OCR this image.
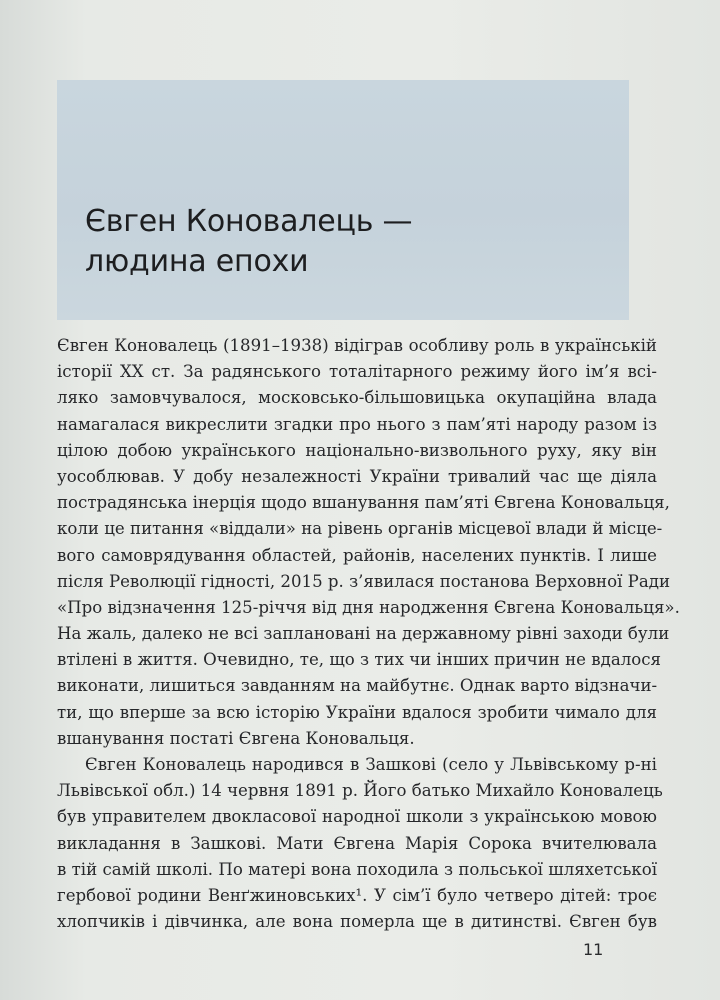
Євген Коновалець —
людина епохи
Євген Коновалець (1891–1938) відіграв особливу роль в українській
історії XX ст. За радянського тоталітарного режиму його ім’я всі-
ляко замовчувалося, московсько-більшовицька окупаційна влада
намагалася викреслити згадки про нього з пам’яті народу разом із
цілою добою українського національно-визвольного руху, яку він
уособлював. У добу незалежності України тривалий час ще діяла
пострадянська інерція щодо вшанування пам’яті Євгена Коновальця,
коли це питання «віддали» на рівень органів місцевої влади й місце-
вого самоврядування областей, районів, населених пунктів. І лише
після Революції гідності, 2015 р. з’явилася постанова Верховної Ради
«Про відзначення 125-річчя від дня народження Євгена Коновальця».
На жаль, далеко не всі заплановані на державному рівні заходи були
втілені в життя. Очевидно, те, що з тих чи інших причин не вдалося
виконати, лишиться завданням на майбутнє. Однак варто відзначи-
ти, що вперше за всю історію України вдалося зробити чимало для
вшанування постаті Євгена Коновальця.
Євген Коновалець народився в Зашкові (село у Львівському р-ні
Львівської обл.) 14 червня 1891 р. Його батько Михайло Коновалець
був управителем двокласової народної школи з українською мовою
викладання в Зашкові. Мати Євгена Марія Сорока вчителювала
в тій самій школі. По матері вона походила з польської шляхетської
гербової родини Венґжиновських¹. У сім’ї було четверо дітей: троє
хлопчиків і дівчинка, але вона померла ще в дитинстві. Євген був
11
